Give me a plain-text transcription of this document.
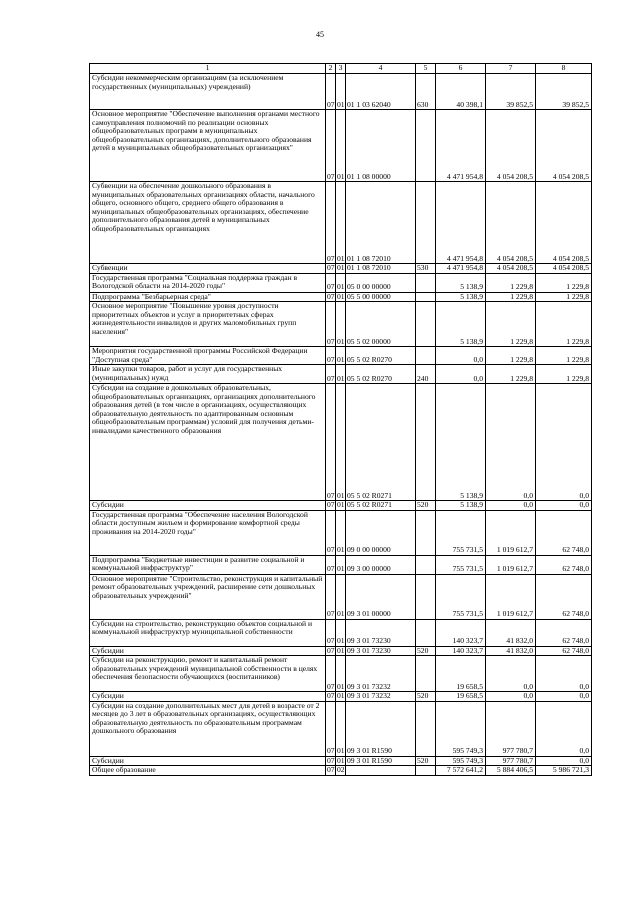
45
1	2	3	4	5	6	7	8
Субсидии некоммерческим организациям (за исключением государственных (муниципальных) учреждений)	07	01	01 1 03 62040	630	40 398,1	39 852,5	39 852,5
Основное мероприятие "Обеспечение выполнения органами местного самоуправления полномочий по реализации основных общеобразовательных программ в муниципальных общеобразовательных организациях, дополнительного образования детей в муниципальных общеобразовательных организациях"	07	01	01 1 08 00000		4 471 954,8	4 054 208,5	4 054 208,5
Субвенции на обеспечение дошкольного образования в муниципальных образовательных организациях области, начального общего, основного общего, среднего общего образования в муниципальных общеобразовательных организациях, обеспечение дополнительного образования детей в муниципальных общеобразовательных организациях	07	01	01 1 08 72010		4 471 954,8	4 054 208,5	4 054 208,5
Субвенции	07	01	01 1 08 72010	530	4 471 954,8	4 054 208,5	4 054 208,5
Государственная программа "Социальная поддержка граждан в Вологодской области на 2014-2020 годы"	07	01	05 0 00 00000		5 138,9	1 229,8	1 229,8
Подпрограмма "Безбарьерная среда"	07	01	05 5 00 00000		5 138,9	1 229,8	1 229,8
Основное мероприятие "Повышение уровня доступности приоритетных объектов и услуг в приоритетных сферах жизнедеятельности инвалидов и других маломобильных групп населения"	07	01	05 5 02 00000		5 138,9	1 229,8	1 229,8
Мероприятия государственной программы Российской Федерации "Доступная среда"	07	01	05 5 02 R0270		0,0	1 229,8	1 229,8
Иные закупки товаров, работ и услуг для государственных (муниципальных) нужд	07	01	05 5 02 R0270	240	0,0	1 229,8	1 229,8
Субсидии на создание в дошкольных образовательных, общеобразовательных организациях, организациях дополнительного образования детей (в том числе в организациях, осуществляющих образовательную деятельность по адаптированным основным общеобразовательным программам) условий для получения детьми-инвалидами качественного образования	07	01	05 5 02 R0271		5 138,9	0,0	0,0
Субсидии	07	01	05 5 02 R0271	520	5 138,9	0,0	0,0
Государственная программа "Обеспечение населения Вологодской области доступным жильем и формирование комфортной среды проживания на 2014-2020 годы"	07	01	09 0 00 00000		755 731,5	1 019 612,7	62 748,0
Подпрограмма "Бюджетные инвестиции в развитие социальной и коммунальной инфраструктур"	07	01	09 3 00 00000		755 731,5	1 019 612,7	62 748,0
Основное мероприятие "Строительство, реконструкция и капитальный ремонт образовательных учреждений, расширение сети дошкольных образовательных учреждений"	07	01	09 3 01 00000		755 731,5	1 019 612,7	62 748,0
Субсидии на строительство, реконструкцию объектов социальной и коммунальной инфраструктур муниципальной собственности	07	01	09 3 01 73230		140 323,7	41 832,0	62 748,0
Субсидии	07	01	09 3 01 73230	520	140 323,7	41 832,0	62 748,0
Субсидии на реконструкцию, ремонт и капитальный ремонт образовательных учреждений муниципальной собственности в целях обеспечения безопасности обучающихся (воспитанников)	07	01	09 3 01 73232		19 658,5	0,0	0,0
Субсидии	07	01	09 3 01 73232	520	19 658,5	0,0	0,0
Субсидии на создание дополнительных мест для детей в возрасте от 2 месяцев до 3 лет в образовательных организациях, осуществляющих образовательную деятельность по образовательным программам дошкольного образования	07	01	09 3 01 R1590		595 749,3	977 780,7	0,0
Субсидии	07	01	09 3 01 R1590	520	595 749,3	977 780,7	0,0
Общее образование	07	02			7 572 641,2	5 884 406,5	5 986 721,3
